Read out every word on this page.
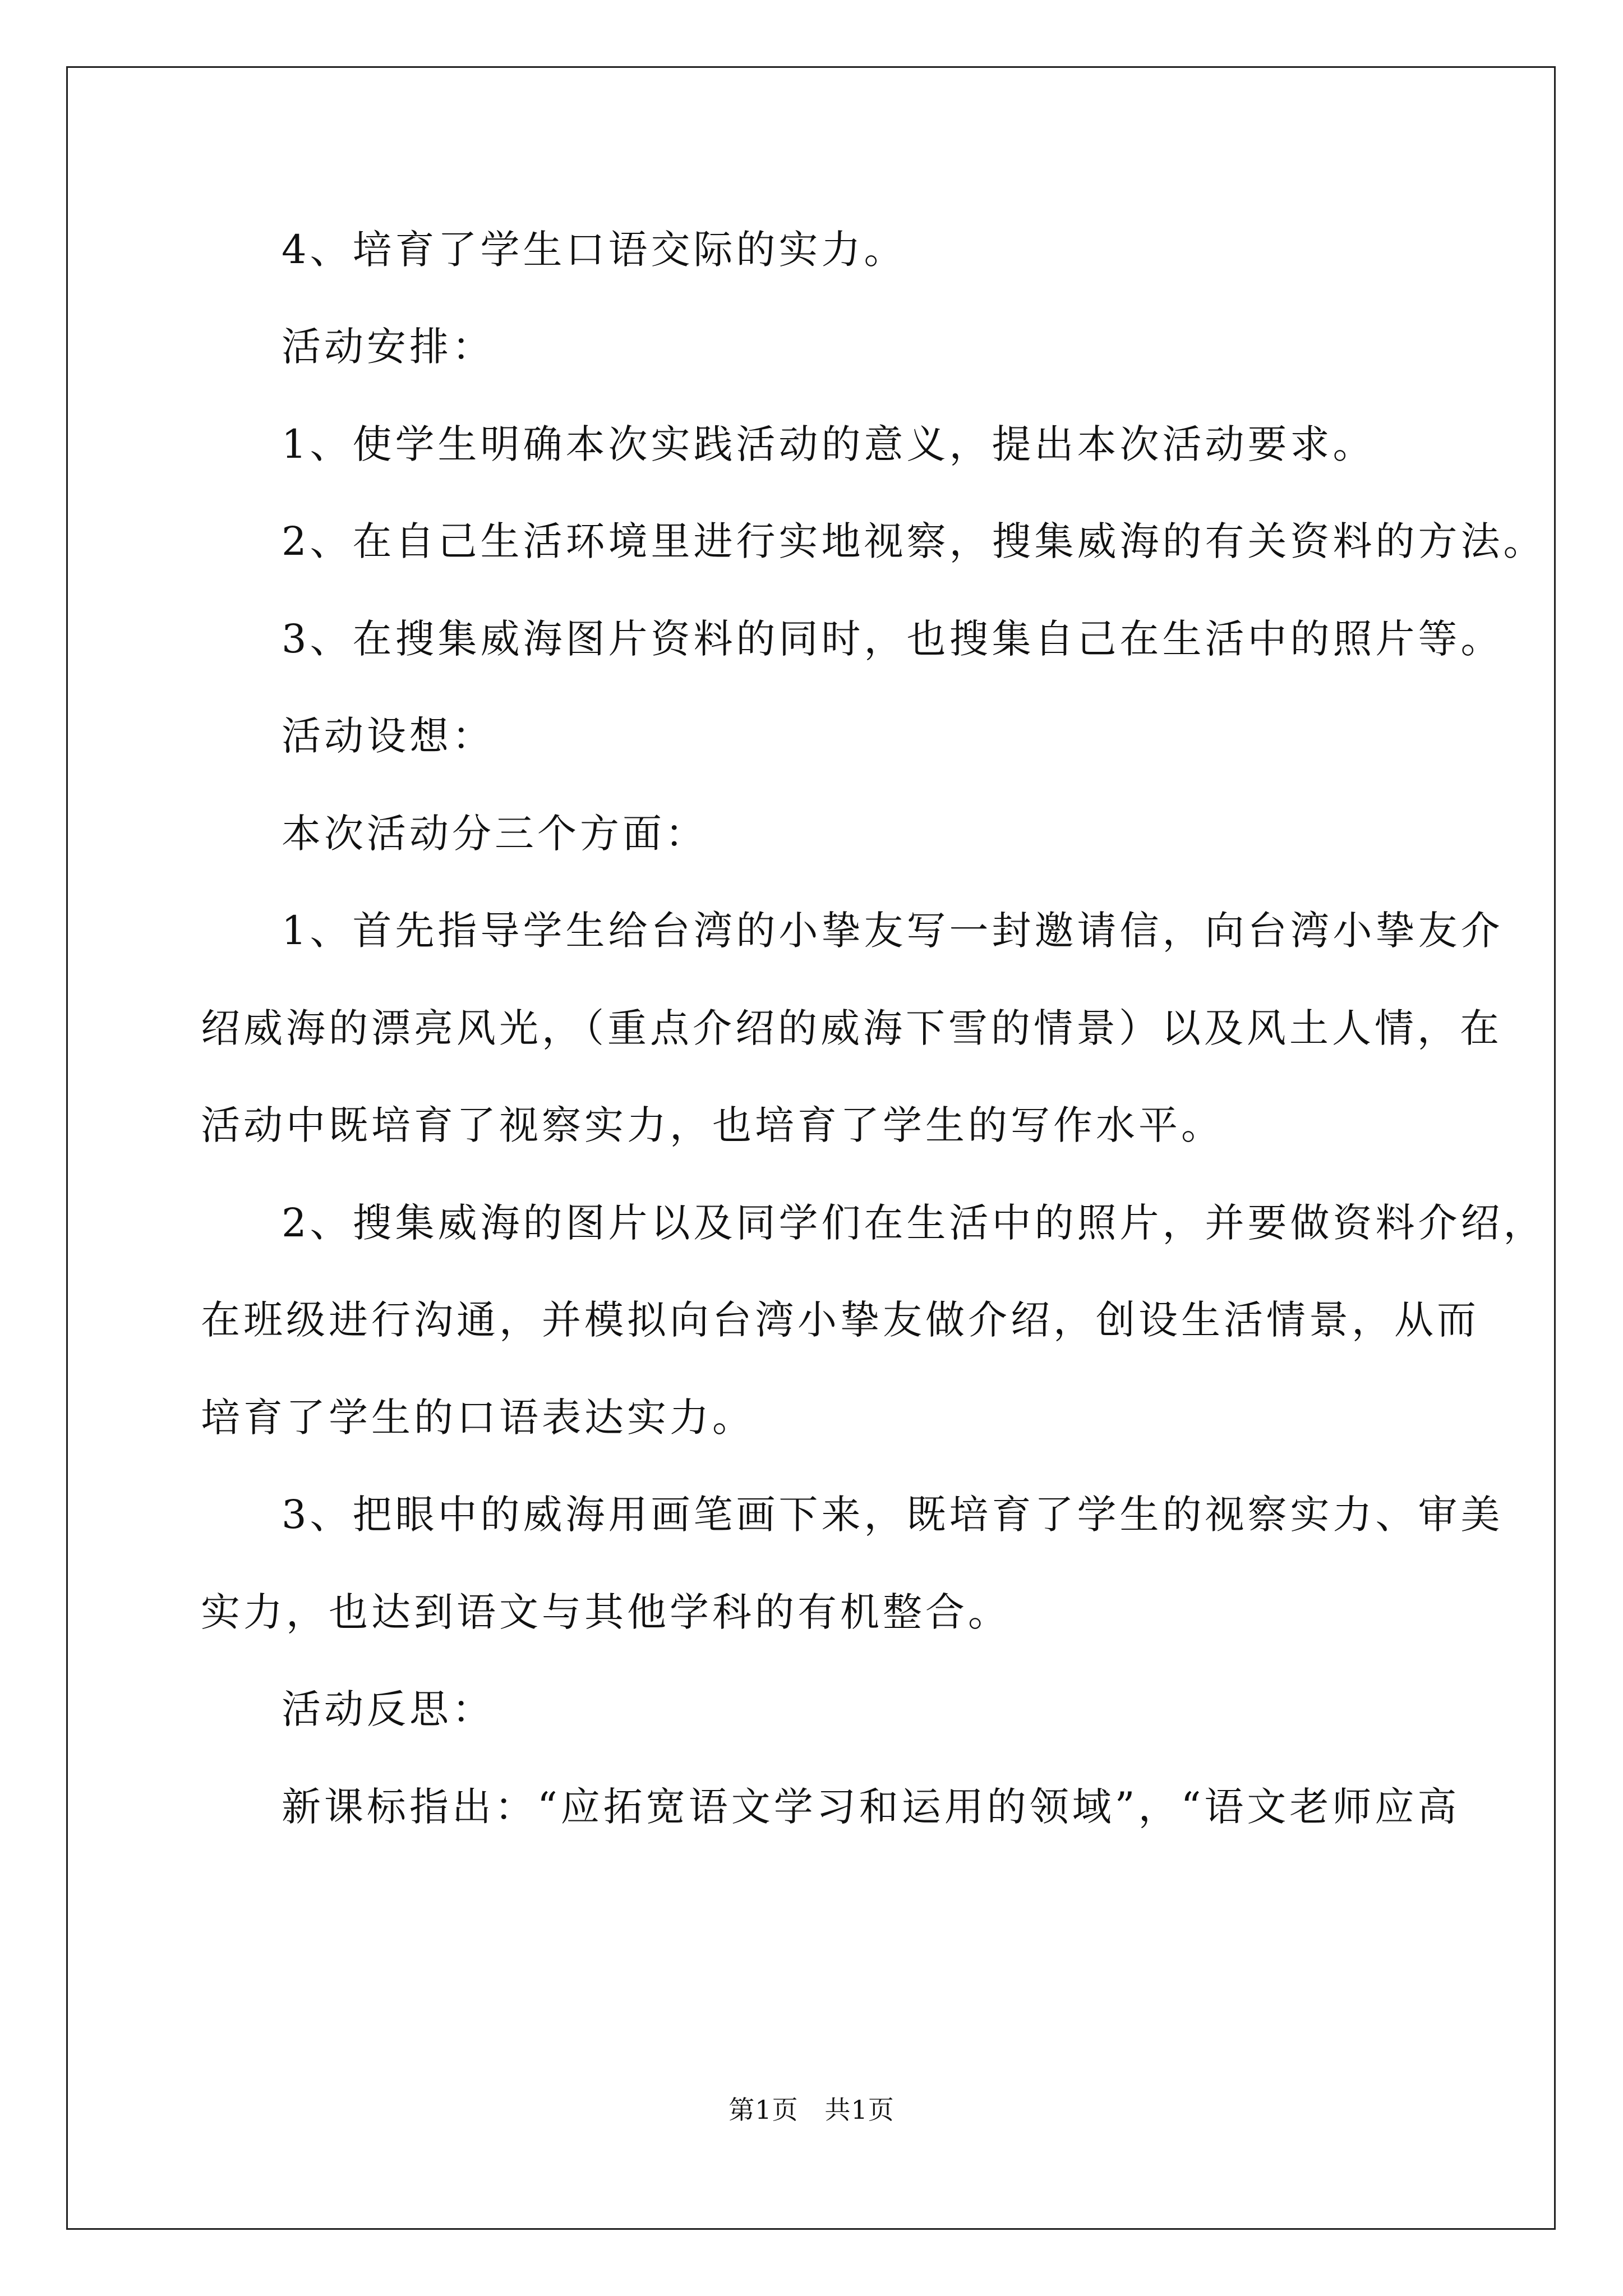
4、培育了学生口语交际的实力。
活动安排：
1、使学生明确本次实践活动的意义，提出本次活动要求。
2、在自己生活环境里进行实地视察，搜集威海的有关资料的方法。
3、在搜集威海图片资料的同时，也搜集自己在生活中的照片等。
活动设想：
本次活动分三个方面：
1、首先指导学生给台湾的小挚友写一封邀请信，向台湾小挚友介
绍威海的漂亮风光，（重点介绍的威海下雪的情景）以及风土人情，在
活动中既培育了视察实力，也培育了学生的写作水平。
2、搜集威海的图片以及同学们在生活中的照片，并要做资料介绍，
在班级进行沟通，并模拟向台湾小挚友做介绍，创设生活情景，从而
培育了学生的口语表达实力。
3、把眼中的威海用画笔画下来，既培育了学生的视察实力、审美
实力，也达到语文与其他学科的有机整合。
活动反思：
新课标指出：“应拓宽语文学习和运用的领域”，“语文老师应高
第1页   共1页
